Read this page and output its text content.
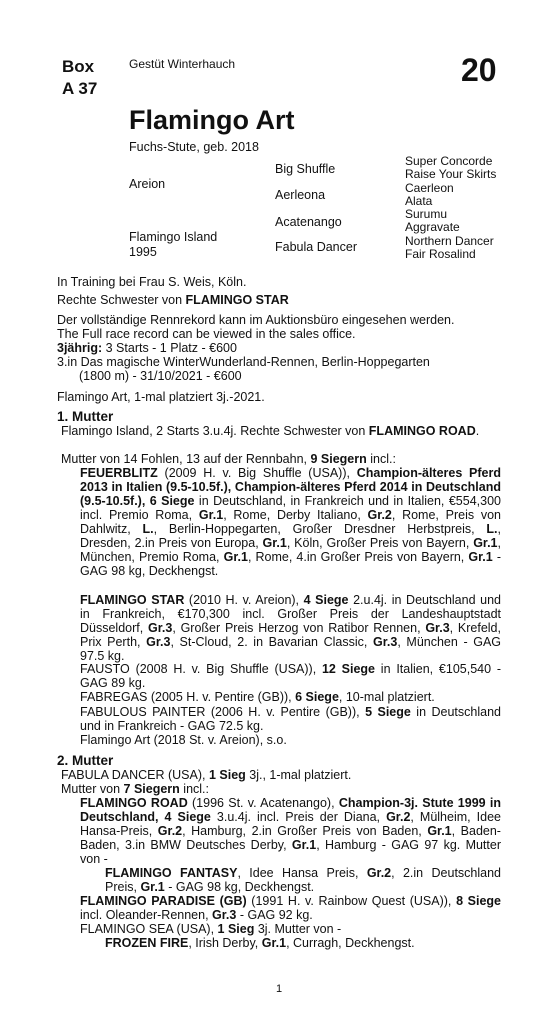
Box
A 37
Gestüt Winterhauch	20
Flamingo Art
Fuchs-Stute, geb. 2018
Areion
Flamingo Island
1995
Big Shuffle
Aerleona
Acatenango
Fabula Dancer
Super Concorde
Raise Your Skirts
Caerleon
Alata
Surumu
Aggravate
Northern Dancer
Fair Rosalind
In Training bei Frau S. Weis, Köln.
Rechte Schwester von FLAMINGO STAR
Der vollständige Rennrekord kann im Auktionsbüro eingesehen werden.
The Full race record can be viewed in the sales office.
3jährig: 3 Starts - 1 Platz - €600
3.in Das magische WinterWunderland-Rennen, Berlin-Hoppegarten
(1800 m) - 31/10/2021 - €600
Flamingo Art, 1-mal platziert 3j.-2021.
1. Mutter
Flamingo Island, 2 Starts 3.u.4j. Rechte Schwester von FLAMINGO ROAD.
Mutter von 14 Fohlen, 13 auf der Rennbahn, 9 Siegern incl.:
FEUERBLITZ (2009 H. v. Big Shuffle (USA)), Champion-älteres Pferd 2013 in Italien (9.5-10.5f.), Champion-älteres Pferd 2014 in Deutschland (9.5-10.5f.), 6 Siege in Deutschland, in Frankreich und in Italien, €554,300 incl. Premio Roma, Gr.1, Rome, Derby Italiano, Gr.2, Rome, Preis von Dahlwitz, L., Berlin-Hoppegarten, Großer Dresdner Herbstpreis, L., Dresden, 2.in Preis von Europa, Gr.1, Köln, Großer Preis von Bayern, Gr.1, München, Premio Roma, Gr.1, Rome, 4.in Großer Preis von Bayern, Gr.1 - GAG 98 kg, Deckhengst.
FLAMINGO STAR (2010 H. v. Areion), 4 Siege 2.u.4j. in Deutschland und in Frankreich, €170,300 incl. Großer Preis der Landeshauptstadt Düsseldorf, Gr.3, Großer Preis Herzog von Ratibor Rennen, Gr.3, Krefeld, Prix Perth, Gr.3, St-Cloud, 2. in Bavarian Classic, Gr.3, München - GAG 97.5 kg.
FAUSTO (2008 H. v. Big Shuffle (USA)), 12 Siege in Italien, €105,540 - GAG 89 kg.
FABREGAS (2005 H. v. Pentire (GB)), 6 Siege, 10-mal platziert.
FABULOUS PAINTER (2006 H. v. Pentire (GB)), 5 Siege in Deutschland und in Frankreich - GAG 72.5 kg.
Flamingo Art (2018 St. v. Areion), s.o.
2. Mutter
FABULA DANCER (USA), 1 Sieg 3j., 1-mal platziert.
Mutter von 7 Siegern incl.:
FLAMINGO ROAD (1996 St. v. Acatenango), Champion-3j. Stute 1999 in Deutschland, 4 Siege 3.u.4j. incl. Preis der Diana, Gr.2, Mülheim, Idee Hansa-Preis, Gr.2, Hamburg, 2.in Großer Preis von Baden, Gr.1, Baden-Baden, 3.in BMW Deutsches Derby, Gr.1, Hamburg - GAG 97 kg. Mutter von -
FLAMINGO FANTASY, Idee Hansa Preis, Gr.2, 2.in Deutschland Preis, Gr.1 - GAG 98 kg, Deckhengst.
FLAMINGO PARADISE (GB) (1991 H. v. Rainbow Quest (USA)), 8 Siege incl. Oleander-Rennen, Gr.3 - GAG 92 kg.
FLAMINGO SEA (USA), 1 Sieg 3j. Mutter von -
FROZEN FIRE, Irish Derby, Gr.1, Curragh, Deckhengst.
1
